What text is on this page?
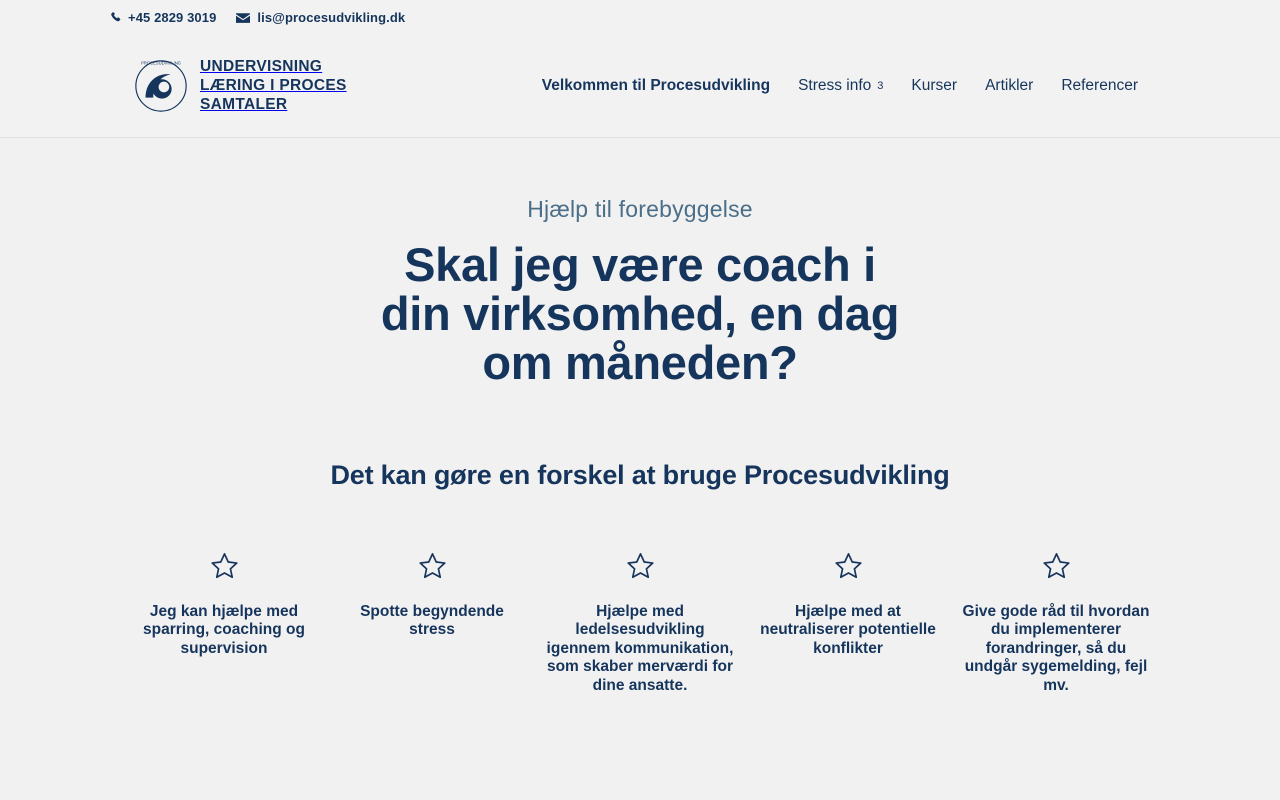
+45 2829 3019	lis@procesudvikling.dk
PROCESUDVIKLING UNDERVISNING
LÆRING I PROCES
SAMTALER
Velkommen til Procesudvikling Stress info 3 Kurser Artikler Referencer
Hjælp til forebyggelse
Skal jeg være coach i
din virksomhed, en dag
om måneden?
Det kan gøre en forskel at bruge Procesudvikling
Jeg kan hjælpe med sparring, coaching og supervision
Spotte begyndende stress
Hjælpe med ledelsesudvikling igennem kommunikation, som skaber merværdi for dine ansatte.
Hjælpe med at neutraliserer potentielle konflikter
Give gode råd til hvordan du implementerer forandringer, så du undgår sygemelding, fejl mv.
